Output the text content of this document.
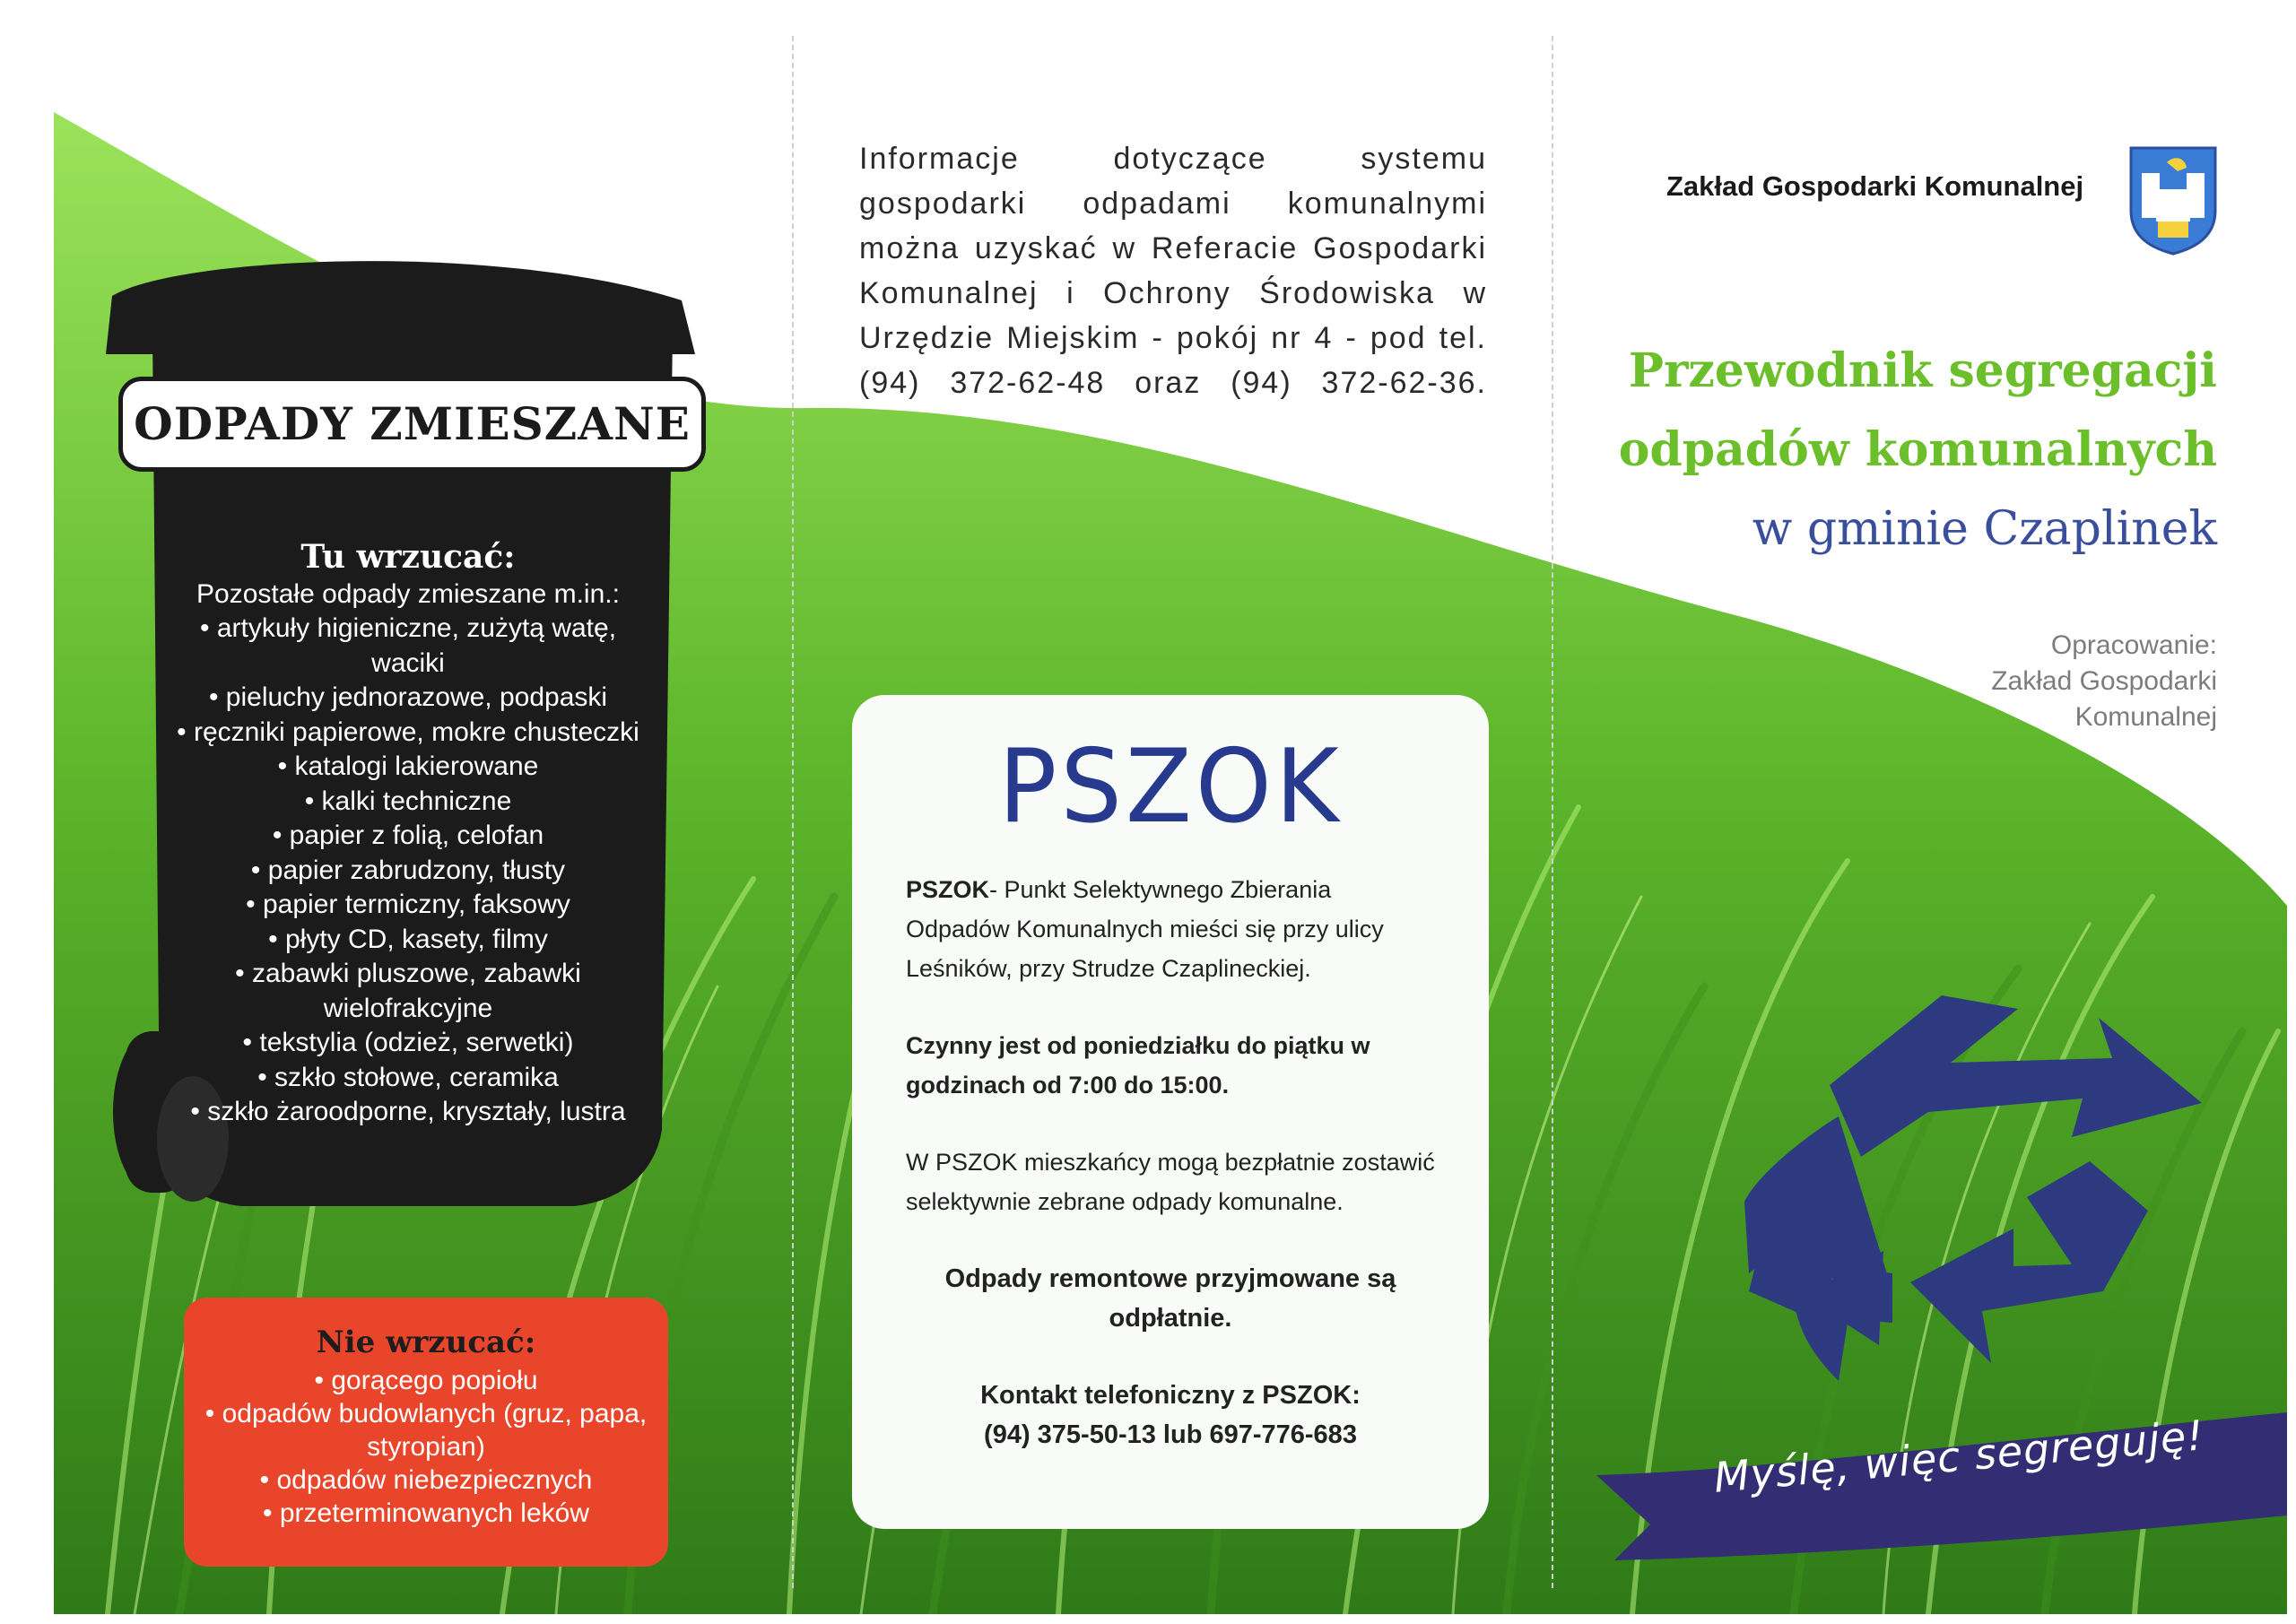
ODPADY ZMIESZANE
Tu wrzucać:
Pozostałe odpady zmieszane m.in.:
• artykuły higieniczne, zużytą watę, waciki
• pieluchy jednorazowe, podpaski
• ręczniki papierowe, mokre chusteczki
• katalogi lakierowane
• kalki techniczne
• papier z folią, celofan
• papier zabrudzony, tłusty
• papier termiczny, faksowy
• płyty CD, kasety, filmy
• zabawki pluszowe, zabawki wielofrakcyjne
• tekstylia (odzież, serwetki)
• szkło stołowe, ceramika
• szkło żaroodporne, kryształy, lustra
Nie wrzucać:
• gorącego popiołu
• odpadów budowlanych (gruz, papa, styropian)
• odpadów niebezpiecznych
• przeterminowanych leków
Informacje dotyczące systemu gospodarki odpadami komunalnymi można uzyskać w Referacie Gospodarki Komunalnej i Ochrony Środowiska w Urzędzie Miejskim - pokój nr 4 - pod tel. (94) 372-62-48 oraz (94) 372-62-36.
PSZOK

PSZOK- Punkt Selektywnego Zbierania Odpadów Komunalnych mieści się przy ulicy Leśników, przy Strudze Czaplineckiej.

Czynny jest od poniedziałku do piątku w godzinach od 7:00 do 15:00.

W PSZOK mieszkańcy mogą bezpłatnie zostawić selektywnie zebrane odpady komunalne.

Odpady remontowe przyjmowane są odpłatnie.

Kontakt telefoniczny z PSZOK:
(94) 375-50-13 lub 697-776-683

Zakład Gospodarki Komunalnej
Przewodnik segregacji
odpadów komunalnych
w gminie Czaplinek
Opracowanie:
Zakład Gospodarki
Komunalnej
Myślę, więc segreguję!
